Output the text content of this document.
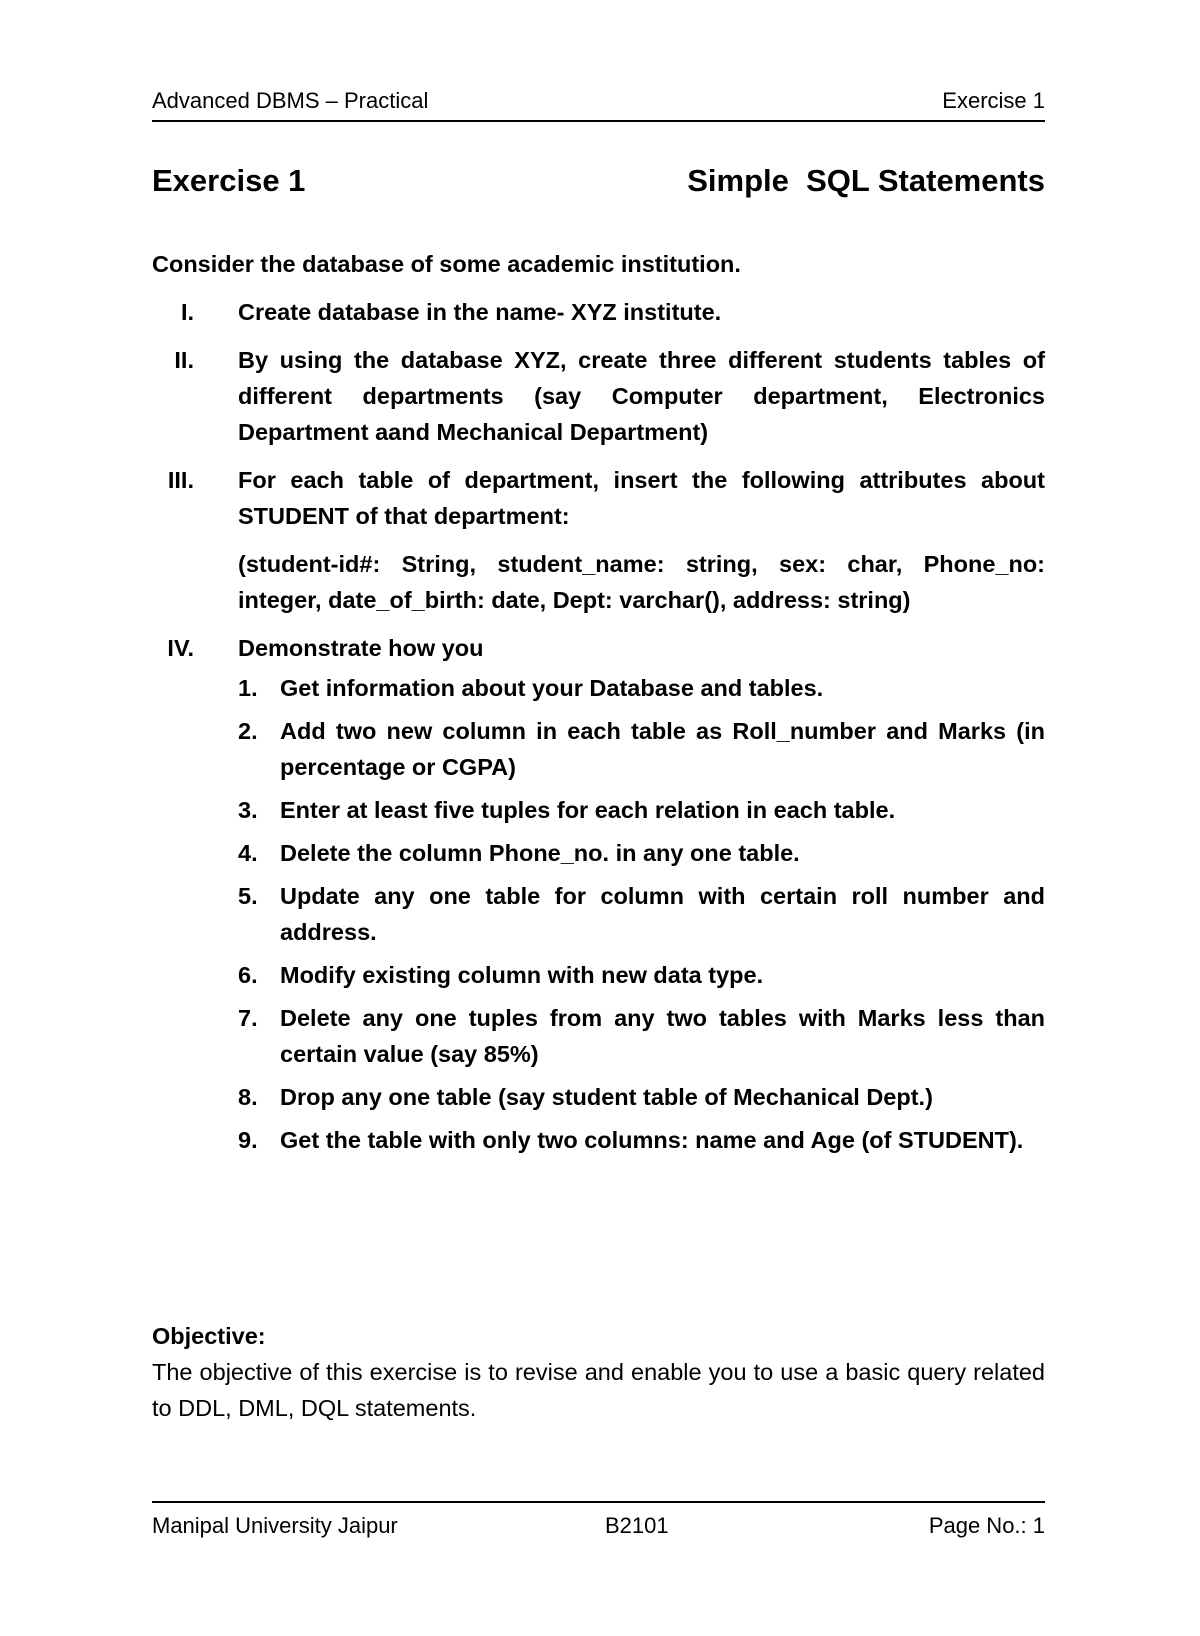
Advanced DBMS – Practical	Exercise 1
Exercise 1	Simple  SQL Statements
Consider the database of some academic institution.
I. Create database in the name- XYZ institute.
II. By using the database XYZ, create three different students tables of different departments (say Computer department, Electronics Department aand Mechanical Department)
III. For each table of department, insert the following attributes about STUDENT of that department:
(student-id#: String, student_name: string, sex: char, Phone_no: integer, date_of_birth: date, Dept: varchar(), address: string)
IV. Demonstrate how you
1. Get information about your Database and tables.
2. Add two new column in each table as Roll_number and Marks (in percentage or CGPA)
3. Enter at least five tuples for each relation in each table.
4. Delete the column Phone_no. in any one table.
5. Update any one table for column with certain roll number and address.
6. Modify existing column with new data type.
7. Delete any one tuples from any two tables with Marks less than certain value (say 85%)
8. Drop any one table (say student table of Mechanical Dept.)
9. Get the table with only two columns: name and Age (of STUDENT).
Objective:
The objective of this exercise is to revise and enable you to use a basic query related to DDL, DML, DQL statements.
Manipal University Jaipur	B2101	Page No.: 1
